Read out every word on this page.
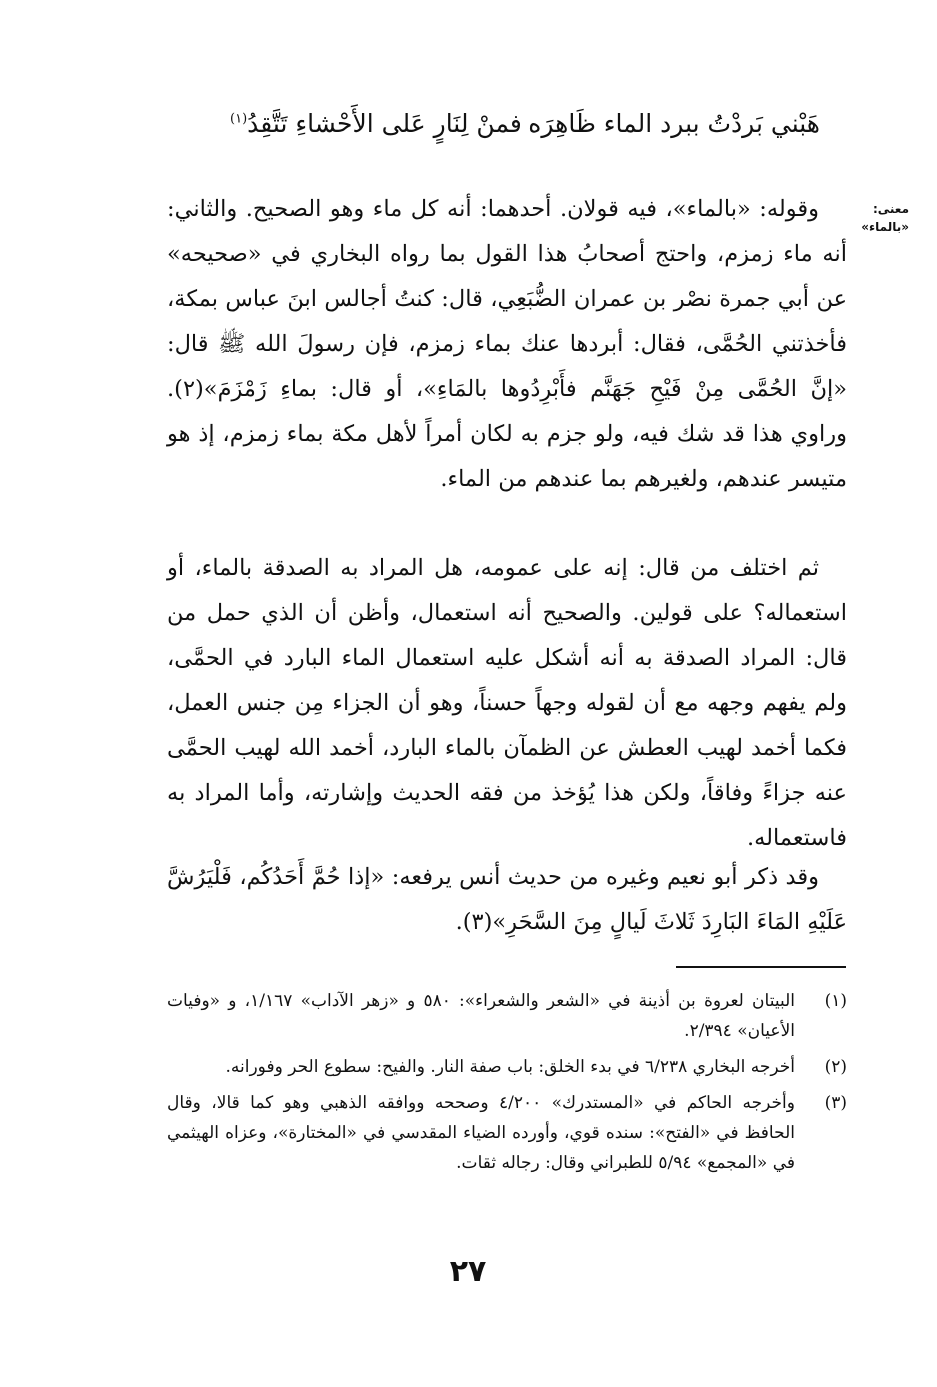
هَبْني بَردْتُ ببرد الماء ظَاهِرَه
فمنْ لِنَارٍ عَلى الأَحْشاءِ تَتَّقِدُ$^{(١)}$
معنى: «بالماء»

وقوله: «بالماء»، فيه قولان. أحدهما: أنه كل ماء وهو الصحيح. والثاني: أنه ماء زمزم، واحتج أصحابُ هذا القول بما رواه البخاري في «صحيحه» عن أبي جمرة نصْر بن عمران الضُّبَعِي، قال: كنتُ أجالس ابنَ عباس بمكة، فأخذتني الحُمَّى، فقال: أبردها عنك بماء زمزم، فإن رسولَ الله ﷺ قال: «إنَّ الحُمَّى مِنْ فَيْحِ جَهَنَّم فأَبْرِدُوها بالمَاءِ»، أو قال: بماءِ زَمْزَمَ»(٢). وراوي هذا قد شك فيه، ولو جزم به لكان أمراً لأهل مكة بماء زمزم، إذ هو متيسر عندهم، ولغيرهم بما عندهم من الماء.

ثم اختلف من قال: إنه على عمومه، هل المراد به الصدقة بالماء، أو استعماله؟ على قولين. والصحيح أنه استعمال، وأظن أن الذي حمل من قال: المراد الصدقة به أنه أشكل عليه استعمال الماء البارد في الحمَّى، ولم يفهم وجهه مع أن لقوله وجهاً حسناً، وهو أن الجزاء مِن جنس العمل، فكما أخمد لهيب العطش عن الظمآن بالماء البارد، أخمد الله لهيب الحمَّى عنه جزاءً وفاقاً، ولكن هذا يُؤخذ من فقه الحديث وإشارته، وأما المراد به فاستعماله.

وقد ذكر أبو نعيم وغيره من حديث أنس يرفعه: «إذا حُمَّ أَحَدُكُم، فَلْيَرُشَّ عَلَيْهِ المَاءَ البَارِدَ ثَلاثَ لَيالٍ مِنَ السَّحَرِ»(٣).

(١)
البيتان لعروة بن أذينة في «الشعر والشعراء»: ٥٨٠ و «زهر الآداب» ١/١٦٧، و «وفيات الأعيان» ٢/٣٩٤.
(٢)
أخرجه البخاري ٦/٢٣٨ في بدء الخلق: باب صفة النار. والفيح: سطوع الحر وفورانه.
(٣)
وأخرجه الحاكم في «المستدرك» ٤/٢٠٠ وصححه ووافقه الذهبي وهو كما قالا، وقال الحافظ في «الفتح»: سنده قوي، وأورده الضياء المقدسي في «المختارة»، وعزاه الهيثمي في «المجمع» ٥/٩٤ للطبراني وقال: رجاله ثقات.
٢٧
